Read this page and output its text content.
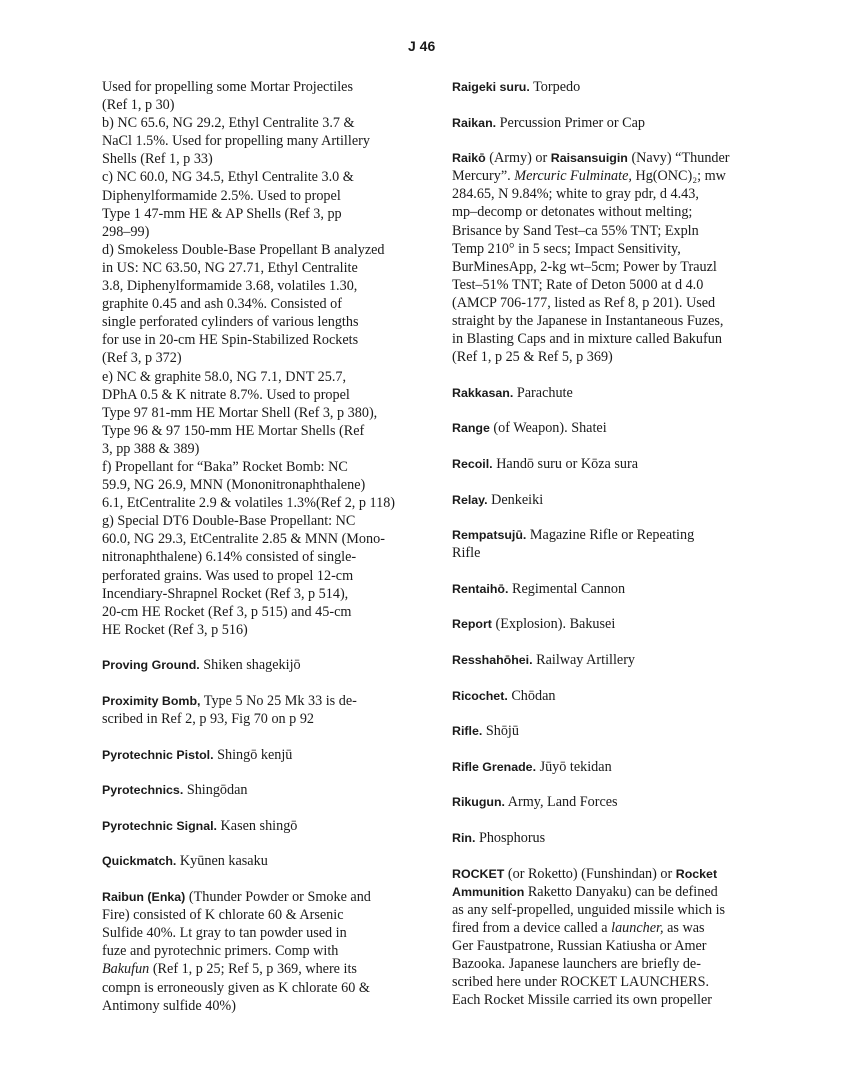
J 46
Used for propelling some Mortar Projectiles
(Ref 1, p 30)
b) NC 65.6, NG 29.2, Ethyl Centralite 3.7 &
NaCl 1.5%. Used for propelling many Artillery
Shells (Ref 1, p 33)
c) NC 60.0, NG 34.5, Ethyl Centralite 3.0 &
Diphenylformamide 2.5%. Used to propel
Type 1 47-mm HE & AP Shells (Ref 3, pp
298–99)
d) Smokeless Double-Base Propellant B analyzed
in US: NC 63.50, NG 27.71, Ethyl Centralite
3.8, Diphenylformamide 3.68, volatiles 1.30,
graphite 0.45 and ash 0.34%. Consisted of
single perforated cylinders of various lengths
for use in 20-cm HE Spin-Stabilized Rockets
(Ref 3, p 372)
e) NC & graphite 58.0, NG 7.1, DNT 25.7,
DPhA 0.5 & K nitrate 8.7%. Used to propel
Type 97 81-mm HE Mortar Shell (Ref 3, p 380),
Type 96 & 97 150-mm HE Mortar Shells (Ref
3, pp 388 & 389)
f) Propellant for “Baka” Rocket Bomb: NC
59.9, NG 26.9, MNN (Mononitronaphthalene)
6.1, EtCentralite 2.9 & volatiles 1.3%(Ref 2, p 118)
g) Special DT6 Double-Base Propellant: NC
60.0, NG 29.3, EtCentralite 2.85 & MNN (Mono-
nitronaphthalene) 6.14% consisted of single-
perforated grains. Was used to propel 12-cm
Incendiary-Shrapnel Rocket (Ref 3, p 514),
20-cm HE Rocket (Ref 3, p 515) and 45-cm
HE Rocket (Ref 3, p 516)
Proving Ground. Shiken shagekijō
Proximity Bomb, Type 5 No 25 Mk 33 is de-
scribed in Ref 2, p 93, Fig 70 on p 92
Pyrotechnic Pistol. Shingō kenjū
Pyrotechnics. Shingōdan
Pyrotechnic Signal. Kasen shingō
Quickmatch. Kyūnen kasaku
Raibun (Enka) (Thunder Powder or Smoke and
Fire) consisted of K chlorate 60 & Arsenic
Sulfide 40%. Lt gray to tan powder used in
fuze and pyrotechnic primers. Comp with
Bakufun (Ref 1, p 25; Ref 5, p 369, where its
compn is erroneously given as K chlorate 60 &
Antimony sulfide 40%)
Raigeki suru. Torpedo
Raikan. Percussion Primer or Cap
Raikō (Army) or Raisansuigin (Navy) “Thunder
Mercury”. Mercuric Fulminate, Hg(ONC)₂; mw
284.65, N 9.84%; white to gray pdr, d 4.43,
mp–decomp or detonates without melting;
Brisance by Sand Test–ca 55% TNT; Expln
Temp 210° in 5 secs; Impact Sensitivity,
BurMinesApp, 2-kg wt–5cm; Power by Trauzl
Test–51% TNT; Rate of Deton 5000 at d 4.0
(AMCP 706-177, listed as Ref 8, p 201). Used
straight by the Japanese in Instantaneous Fuzes,
in Blasting Caps and in mixture called Bakufun
(Ref 1, p 25 & Ref 5, p 369)
Rakkasan. Parachute
Range (of Weapon). Shatei
Recoil. Handō suru or Kōza sura
Relay. Denkeiki
Rempatsujū. Magazine Rifle or Repeating
Rifle
Rentaihō. Regimental Cannon
Report (Explosion). Bakusei
Resshahōhei. Railway Artillery
Ricochet. Chōdan
Rifle. Shōjū
Rifle Grenade. Jūyō tekidan
Rikugun. Army, Land Forces
Rin. Phosphorus
ROCKET (or Roketto) (Funshindan) or Rocket
Ammunition Raketto Danyaku) can be defined
as any self-propelled, unguided missile which is
fired from a device called a launcher, as was
Ger Faustpatrone, Russian Katiusha or Amer
Bazooka. Japanese launchers are briefly de-
scribed here under ROCKET LAUNCHERS.
Each Rocket Missile carried its own propeller
